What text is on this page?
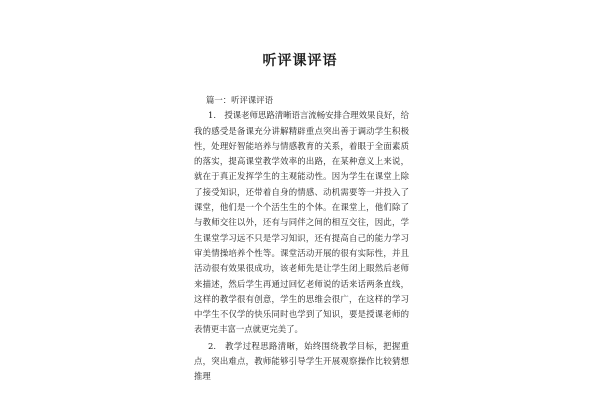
听评课评语
篇一：听评课评语

1.　授课老师思路清晰语言流畅安排合理效果良好，给我的感受是备课充分讲解精辟重点突出善于调动学生积极性，处理好智能培养与情感教育的关系，着眼于全面素质的落实，提高课堂教学效率的出路，在某种意义上来说，就在于真正发挥学生的主观能动性。因为学生在课堂上除了接受知识，还带着自身的情感、动机需要等一并投入了课堂，他们是一个个活生生的个体。在课堂上，他们除了与教师交往以外，还有与同伴之间的相互交往，因此，学生课堂学习远不只是学习知识，还有提高自己的能力学习审美情操培养个性等。课堂活动开展的很有实际性，并且活动很有效果很成功，该老师先是让学生闭上眼然后老师来描述，然后学生再通过回忆老师说的话来话两条直线，这样的教学很有创意，学生的思维会很广，在这样的学习中学生不仅学的快乐同时也学到了知识，要是授课老师的表情更丰富一点就更完美了。

2.　教学过程思路清晰，始终围绕教学目标，把握重点，突出难点，教师能够引导学生开展观察操作比较猜想推理
